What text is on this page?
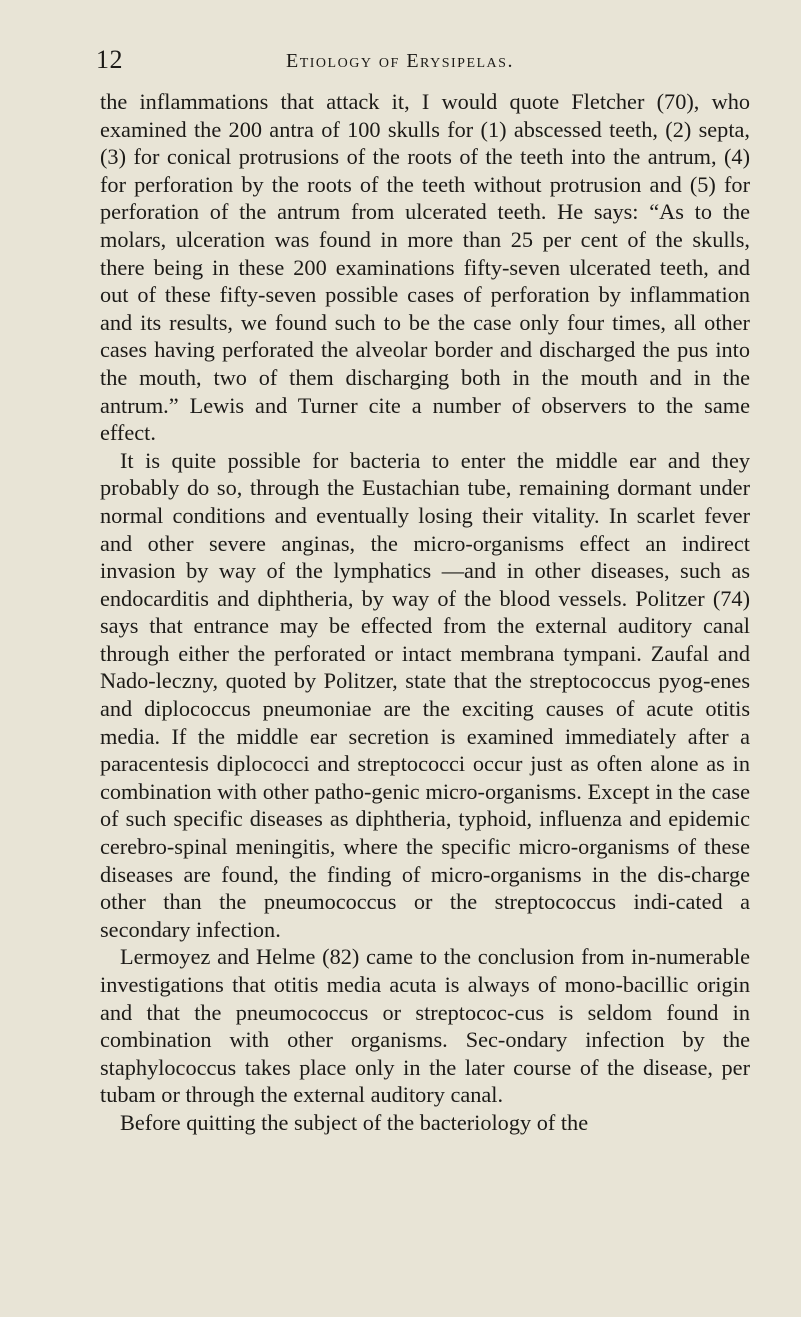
12	Etiology of Erysipelas.

the inflammations that attack it, I would quote Fletcher (70), who examined the 200 antra of 100 skulls for (1) abscessed teeth, (2) septa, (3) for conical protrusions of the roots of the teeth into the antrum, (4) for perforation by the roots of the teeth without protrusion and (5) for perforation of the antrum from ulcerated teeth. He says: “As to the molars, ulceration was found in more than 25 per cent of the skulls, there being in these 200 examinations fifty-seven ulcerated teeth, and out of these fifty-seven possible cases of perforation by inflammation and its results, we found such to be the case only four times, all other cases having perforated the alveolar border and discharged the pus into the mouth, two of them discharging both in the mouth and in the antrum.” Lewis and Turner cite a number of observers to the same effect.

It is quite possible for bacteria to enter the middle ear and they probably do so, through the Eustachian tube, remaining dormant under normal conditions and eventually losing their vitality. In scarlet fever and other severe anginas, the micro-organisms effect an indirect invasion by way of the lymphatics —and in other diseases, such as endocarditis and diphtheria, by way of the blood vessels. Politzer (74) says that entrance may be effected from the external auditory canal through either the perforated or intact membrana tympani. Zaufal and Nado-leczny, quoted by Politzer, state that the streptococcus pyog-enes and diplococcus pneumoniae are the exciting causes of acute otitis media. If the middle ear secretion is examined immediately after a paracentesis diplococci and streptococci occur just as often alone as in combination with other patho-genic micro-organisms. Except in the case of such specific diseases as diphtheria, typhoid, influenza and epidemic cerebro-spinal meningitis, where the specific micro-organisms of these diseases are found, the finding of micro-organisms in the dis-charge other than the pneumococcus or the streptococcus indi-cated a secondary infection.

Lermoyez and Helme (82) came to the conclusion from in-numerable investigations that otitis media acuta is always of mono-bacillic origin and that the pneumococcus or streptococ-cus is seldom found in combination with other organisms. Sec-ondary infection by the staphylococcus takes place only in the later course of the disease, per tubam or through the external auditory canal.

Before quitting the subject of the bacteriology of the
